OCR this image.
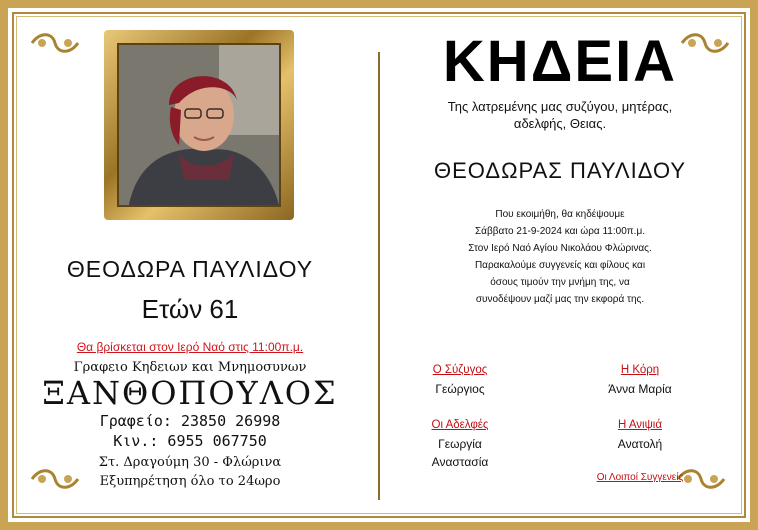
ΘΕΟΔΩΡΑ ΠΑΥΛΙΔΟΥ
Ετών 61
Θα βρίσκεται στον Ιερό Ναό στις 11:00π.μ.
Γραφειο Κηδειων και Μνημοσυνων
ΞΑΝΘΟΠΟΥΛΟΣ
Γραφείο: 23850 26998
Κιν.: 6955 067750
Στ. Δραγούμη 30 - Φλώρινα
Εξυπηρέτηση όλο το 24ωρο
ΚΗΔΕΙΑ
Της λατρεμένης μας συζύγου, μητέρας,
αδελφής, Θειας.
ΘΕΟΔΩΡΑΣ ΠΑΥΛΙΔΟΥ
Που εκοιμήθη, θα κηδέψουμε
Σάββατο 21-9-2024 και ώρα 11:00π.μ.
Στον Ιερό Ναό Αγίου Νικολάου Φλώρινας.
Παρακαλούμε συγγενείς και φίλους και
όσους τιμούν την μνήμη της, να
συνοδέψουν μαζί μας την εκφορά της.
Ο Σύζυγος
Γεώργιος
Η Κόρη
Άννα Μαρία
Οι Αδελφές
Γεωργία
Αναστασία
Η Ανιψιά
Ανατολή
Οι Λοιποί Συγγενείς
